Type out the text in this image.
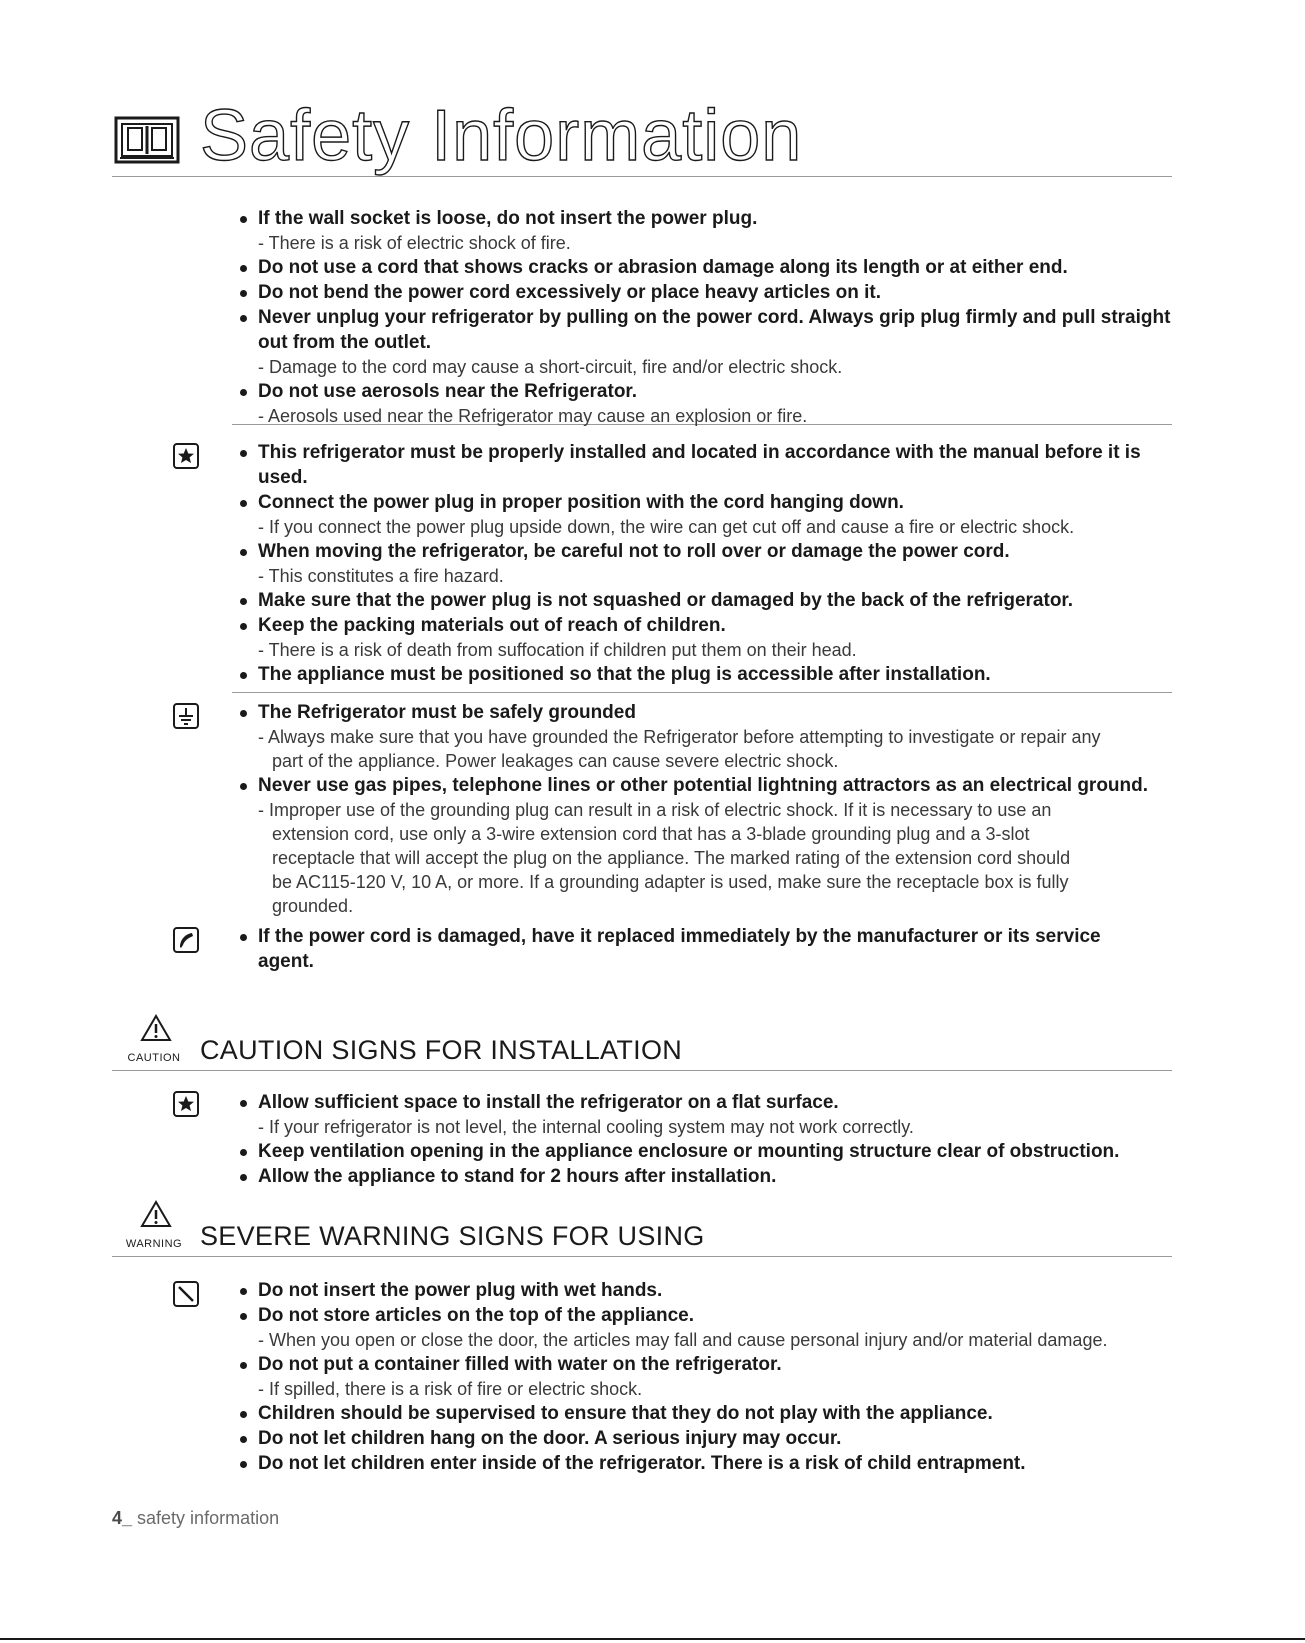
Safety Information
If the wall socket is loose, do not insert the power plug.
- There is a risk of electric shock of fire.
Do not use a cord that shows cracks or abrasion damage along its length or at either end.
Do not bend the power cord excessively or place heavy articles on it.
Never unplug your refrigerator by pulling on the power cord. Always grip plug firmly and pull straight
out from the outlet.
- Damage to the cord may cause a short-circuit, fire and/or electric shock.
Do not use aerosols near the Refrigerator.
- Aerosols used near the Refrigerator may cause an explosion or fire.
This refrigerator must be properly installed and located in accordance with the manual before it is
used.
Connect the power plug in proper position with the cord hanging down.
- If you connect the power plug upside down, the wire can get cut off and cause a fire or electric shock.
When moving the refrigerator, be careful not to roll over or damage the power cord.
- This constitutes a fire hazard.
Make sure that the power plug is not squashed or damaged by the back of the refrigerator.
Keep the packing materials out of reach of children.
- There is a risk of death from suffocation if children put them on their head.
The appliance must be positioned so that the plug is accessible after installation.
The Refrigerator must be safely grounded
- Always make sure that you have grounded the Refrigerator before attempting to investigate or repair any
part of the appliance. Power leakages can cause severe electric shock.
Never use gas pipes, telephone lines or other potential lightning attractors as an electrical ground.
- Improper use of the grounding plug can result in a risk of electric shock. If it is necessary to use an
extension cord, use only a 3-wire extension cord that has a 3-blade grounding plug and a 3-slot
receptacle that will accept the plug on the appliance. The marked rating of the extension cord should
be AC115-120 V, 10 A, or more. If a grounding adapter is used, make sure the receptacle box is fully
grounded.
If the power cord is damaged, have it replaced immediately by the manufacturer or its service
agent.
CAUTION CAUTION SIGNS FOR INSTALLATION
Allow sufficient space to install the refrigerator on a flat surface.
- If your refrigerator is not level, the internal cooling system may not work correctly.
Keep ventilation opening in the appliance enclosure or mounting structure clear of obstruction.
Allow the appliance to stand for 2 hours after installation.
WARNING SEVERE WARNING SIGNS FOR USING
Do not insert the power plug with wet hands.
Do not store articles on the top of the appliance.
- When you open or close the door, the articles may fall and cause personal injury and/or material damage.
Do not put a container filled with water on the refrigerator.
- If spilled, there is a risk of fire or electric shock.
Children should be supervised to ensure that they do not play with the appliance.
Do not let children hang on the door. A serious injury may occur.
Do not let children enter inside of the refrigerator. There is a risk of child entrapment.
4_ safety information
